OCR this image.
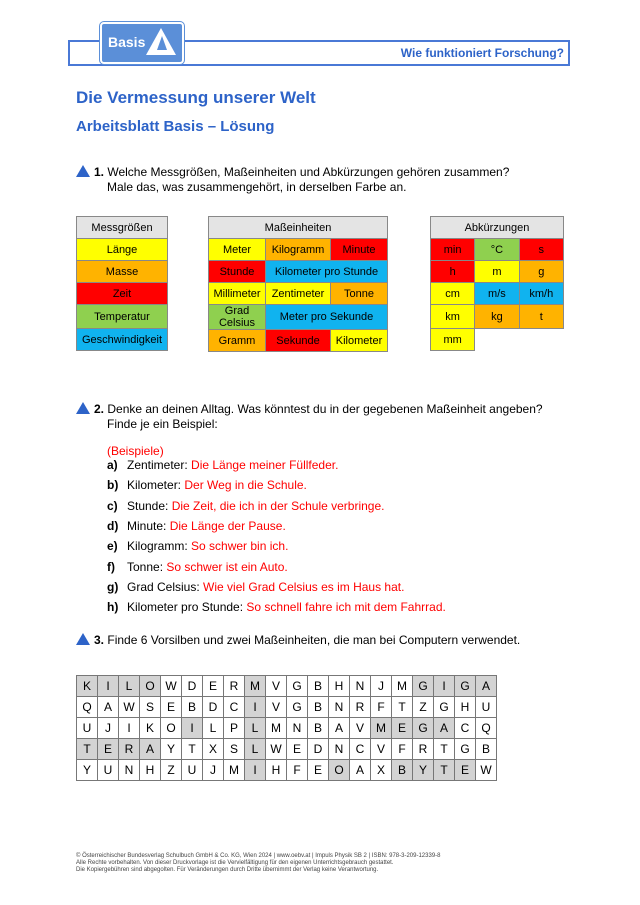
Basis
Wie funktioniert Forschung?
Die Vermessung unserer Welt
Arbeitsblatt Basis – Lösung
1. Welche Messgrößen, Maßeinheiten und Abkürzungen gehören zusammen?
Male das, was zusammengehört, in derselben Farbe an.
Messgrößen
Länge
Masse
Zeit
Temperatur
Geschwindigkeit
Maßeinheiten		
Meter	Kilogramm	Minute
Stunde	Kilometer pro Stunde	
Millimeter	Zentimeter	Tonne
Grad Celsius	Meter pro Sekunde	
Gramm	Sekunde	Kilometer
Abkürzungen		
min	°C	s
h	m	g
cm	m/s	km/h
km	kg	t
mm		
2. Denke an deinen Alltag. Was könntest du in der gegebenen Maßeinheit angeben?
Finde je ein Beispiel:
(Beispiele)
a) Zentimeter: Die Länge meiner Füllfeder.
b) Kilometer: Der Weg in die Schule.
c) Stunde: Die Zeit, die ich in der Schule verbringe.
d) Minute: Die Länge der Pause.
e) Kilogramm: So schwer bin ich.
f) Tonne: So schwer ist ein Auto.
g) Grad Celsius: Wie viel Grad Celsius es im Haus hat.
h) Kilometer pro Stunde: So schnell fahre ich mit dem Fahrrad.
3. Finde 6 Vorsilben und zwei Maßeinheiten, die man bei Computern verwendet.
K	I	L	O	W	D	E	R	M	V	G	B	H	N	J	M	G	I	G	A
Q	A	W	S	E	B	D	C	I	V	G	B	N	R	F	T	Z	G	H	U
U	J	I	K	O	I	L	P	L	M	N	B	A	V	M	E	G	A	C	Q
T	E	R	A	Y	T	X	S	L	W	E	D	N	C	V	F	R	T	G	B
Y	U	N	H	Z	U	J	M	I	H	F	E	O	A	X	B	Y	T	E	W
© Österreichischer Bundesverlag Schulbuch GmbH & Co. KG, Wien 2024 | www.oebv.at | Impuls Physik SB 2 | ISBN: 978-3-209-12339-8
Alle Rechte vorbehalten. Von dieser Druckvorlage ist die Vervielfältigung für den eigenen Unterrichtsgebrauch gestattet.
Die Kopiergebühren sind abgegolten. Für Veränderungen durch Dritte übernimmt der Verlag keine Verantwortung.
